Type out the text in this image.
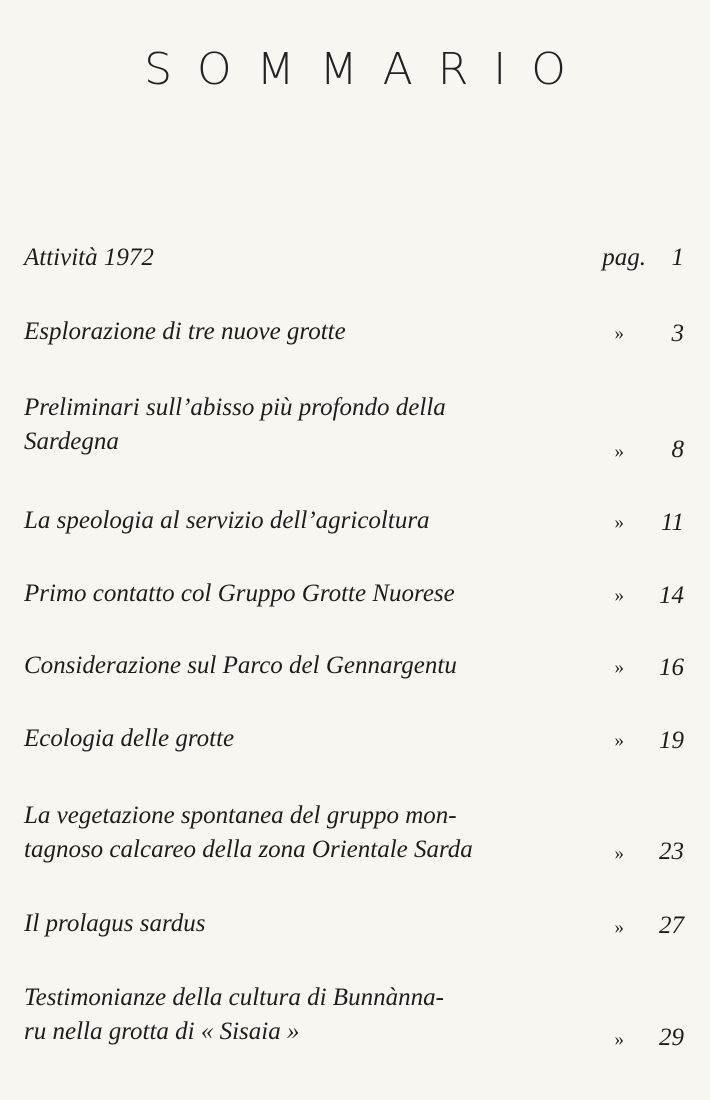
SOMMARIO
Attività 1972	pag.	1
Esplorazione di tre nuove grotte	»	3
Preliminari sull’abisso più profondo della
Sardegna	»	8
La speologia al servizio dell’agricoltura	»	11
Primo contatto col Gruppo Grotte Nuorese	»	14
Considerazione sul Parco del Gennargentu	»	16
Ecologia delle grotte	»	19
La vegetazione spontanea del gruppo mon-
tagnoso calcareo della zona Orientale Sarda	»	23
Il prolagus sardus	»	27
Testimonianze della cultura di Bunnànna-
ru nella grotta di « Sisaia »	»	29
